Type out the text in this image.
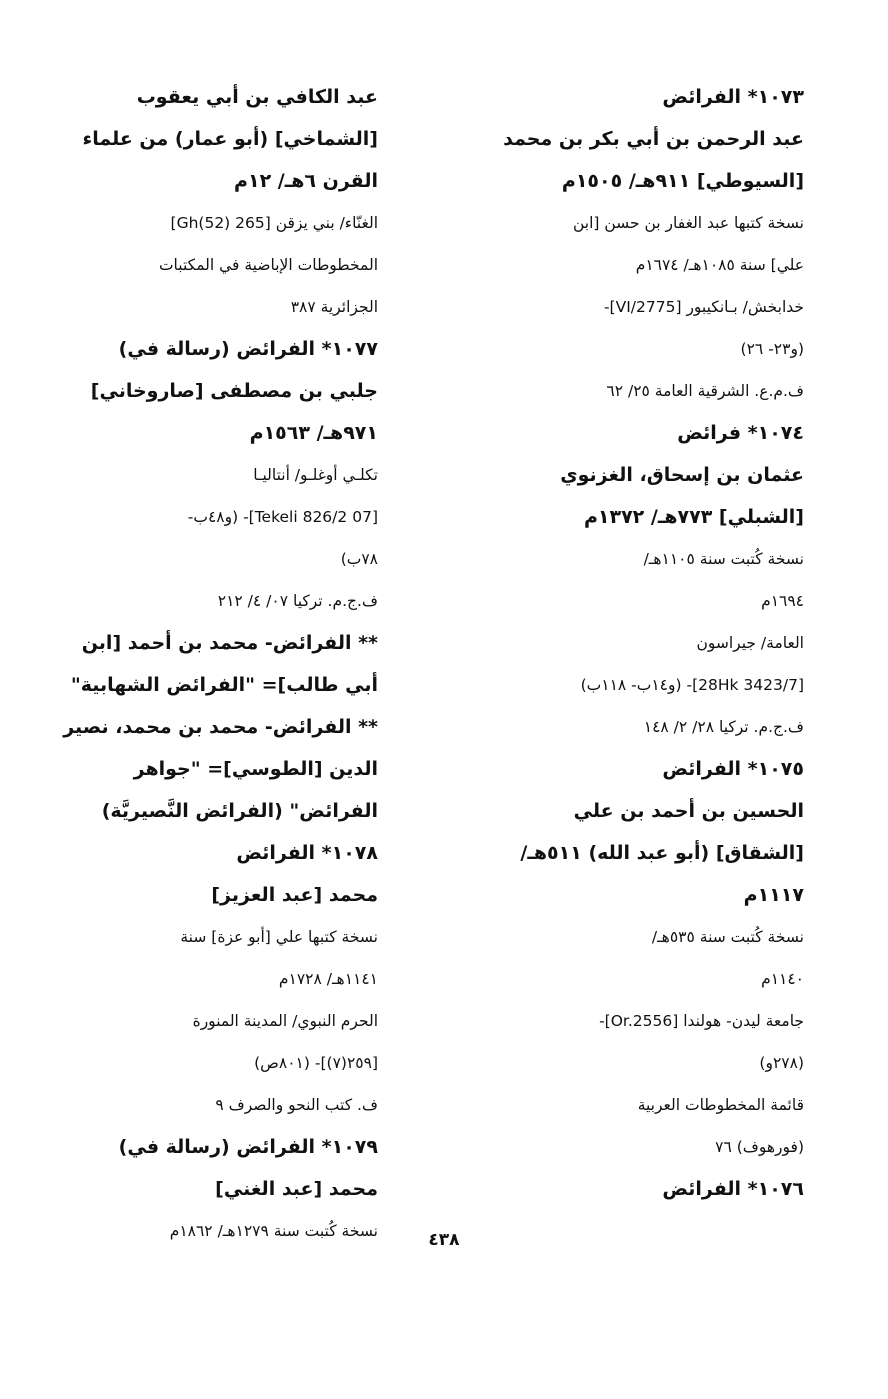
١٠٧٣* الفرائض
عبد الرحمن بن أبي بكر بن محمد
[السيوطي] ٩١١هـ/ ١٥٠٥م
نسخة كتبها عبد الغفار بن حسن [ابن
علي] سنة ١٠٨٥هـ/ ١٦٧٤م
خدابخش/ بـانكيبور [2775/VI]-
(و٢٣- ٢٦)
ف.م.ع. الشرقية العامة ٢٥/ ٦٢
١٠٧٤* فرائض
عثمان بن إسحاق، الغزنوي
[الشبلي] ٧٧٣هـ/ ١٣٧٢م
نسخة كُتبت سنة ١١٠٥هـ/
١٦٩٤م
العامة/ جيراسون
[28Hk 3423/7]- (و١٤ب- ١١٨ب)
ف.ج.م. تركيا ٢٨/ ٢/ ١٤٨
١٠٧٥* الفرائض
الحسين بن أحمد بن علي
[الشقاق] (أبو عبد الله) ٥١١هـ/
١١١٧م
نسخة كُتبت سنة ٥٣٥هـ/
١١٤٠م
جامعة ليدن- هولندا [Or.2556]-
(٢٧٨و)
قائمة المخطوطات العربية
(فورهوف) ٧٦
١٠٧٦* الفرائض
عبد الكافي بن أبي يعقوب
[الشماخي] (أبو عمار) من علماء
القرن ٦هـ/ ١٢م
الغنّاء/ بني يزقن [265 Gh(52)]
المخطوطات الإباضية في المكتبات
الجزائرية ٣٨٧
١٠٧٧* الفرائض (رسالة في)
جلبي بن مصطفى [صاروخاني]
٩٧١هـ/ ١٥٦٣م
تكلـي أوغلـو/ أنتاليـا
[07 Tekeli 826/2]- (و٤٨ب-
٧٨ب)
ف.ج.م. تركيا ٠٧/ ٤/ ٢١٢
** الفرائض- محمد بن أحمد [ابن
أبي طالب]= "الفرائض الشهابية"
** الفرائض- محمد بن محمد، نصير
الدين [الطوسي]= "جواهر
الفرائض" (الفرائض النَّصيريَّة)
١٠٧٨* الفرائض
محمد [عبد العزيز]
نسخة كتبها علي [أبو عزة] سنة
١١٤١هـ/ ١٧٢٨م
الحرم النبوي/ المدينة المنورة
[٢٥٩(٧)]- (٨٠١ص)
ف. كتب النحو والصرف ٩
١٠٧٩* الفرائض (رسالة في)
محمد [عبد الغني]
نسخة كُتبت سنة ١٢٧٩هـ/ ١٨٦٢م	٤٣٨
